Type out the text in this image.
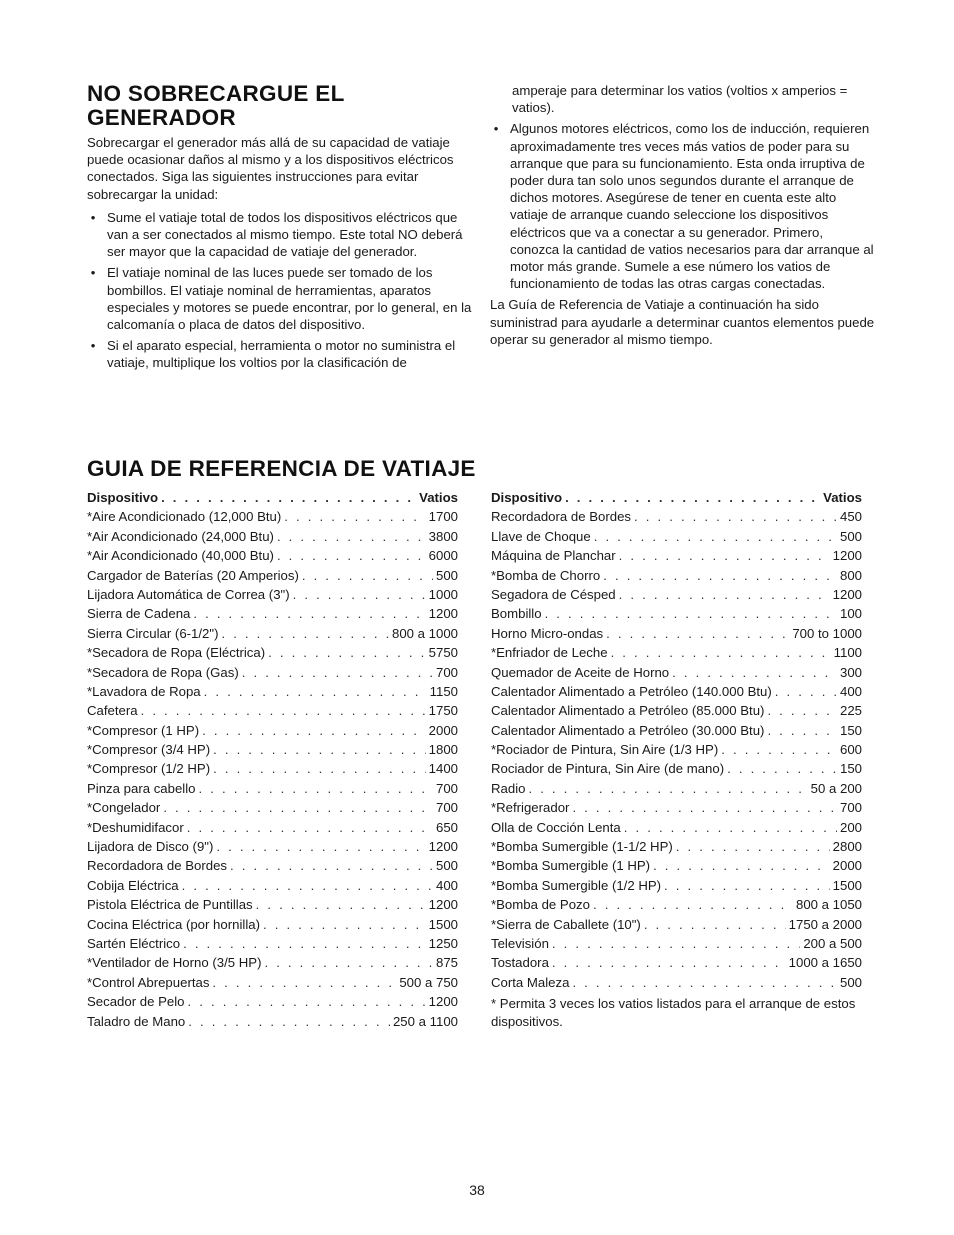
NO SOBRECARGUE EL GENERADOR

Sobrecargar el generador más allá de su capacidad de vatiaje puede ocasionar daños al mismo y a los dispositivos eléctricos conectados. Siga las siguientes instrucciones para evitar sobrecargar la unidad:

• Sume el vatiaje total de todos los dispositivos eléctricos que van a ser conectados al mismo tiempo. Este total NO deberá ser mayor que la capacidad de vatiaje del generador.
• El vatiaje nominal de las luces puede ser tomado de los bombillos. El vatiaje nominal de herramientas, aparatos especiales y motores se puede encontrar, por lo general, en la calcomanía o placa de datos del dispositivo.
• Si el aparato especial, herramienta o motor no suministra el vatiaje, multiplique los voltios por la clasificación de

amperaje para determinar los vatios (voltios x amperios = vatios).

• Algunos motores eléctricos, como los de inducción, requieren aproximadamente tres veces más vatios de poder para su arranque que para su funcionamiento. Esta onda irruptiva de poder dura tan solo unos segundos durante el arranque de dichos motores. Asegúrese de tener en cuenta este alto vatiaje de arranque cuando seleccione los dispositivos eléctricos que va a conectar a su generador. Primero, conozca la cantidad de vatios necesarios para dar arranque al motor más grande. Sumele a ese número los vatios de funcionamiento de todas las otras cargas conectadas.

La Guía de Referencia de Vatiaje a continuación ha sido suministrad para ayudarle a determinar cuantos elementos puede operar su generador al mismo tiempo.

GUIA DE REFERENCIA DE VATIAJE
Dispositivo . . .	Vatios
*Aire Acondicionado (12,000 Btu) . . .	1700
*Air Acondicionado (24,000 Btu) . . .	3800
*Air Acondicionado (40,000 Btu) . . .	6000
Cargador de Baterías (20 Amperios) . . .	500
Lijadora Automática de Correa (3") . . .	1000
Sierra de Cadena . . .	1200
Sierra Circular (6-1/2") . . .	800 a 1000
*Secadora de Ropa (Eléctrica) . . .	5750
*Secadora de Ropa (Gas) . . .	700
*Lavadora de Ropa . . .	1150
Cafetera . . .	1750
*Compresor (1 HP) . . .	2000
*Compresor (3/4 HP) . . .	1800
*Compresor (1/2 HP) . . .	1400
Pinza para cabello . . .	700
*Congelador . . .	700
*Deshumidifacor . . .	650
Lijadora de Disco (9") . . .	1200
Recordadora de Bordes . . .	500
Cobija Eléctrica . . .	400
Pistola Eléctrica de Puntillas . . .	1200
Cocina Eléctrica (por hornilla) . . .	1500
Sartén Eléctrico . . .	1250
*Ventilador de Horno (3/5 HP) . . .	875
*Control Abrepuertas . . .	500 a 750
Secador de Pelo . . .	1200
Taladro de Mano . . .	250 a 1100
Dispositivo . . .	Vatios
Recordadora de Bordes . . .	450
Llave de Choque . . .	500
Máquina de Planchar . . .	1200
*Bomba de Chorro . . .	800
Segadora de Césped . . .	1200
Bombillo . . .	100
Horno Micro-ondas . . .	700 to 1000
*Enfriador de Leche . . .	1100
Quemador de Aceite de Horno . . .	300
Calentador Alimentado a Petróleo (140.000 Btu) . . .	400
Calentador Alimentado a Petróleo (85.000 Btu) . . .	225
Calentador Alimentado a Petróleo (30.000 Btu) . . .	150
*Rociador de Pintura, Sin Aire (1/3 HP) . . .	600
Rociador de Pintura, Sin Aire (de mano) . . .	150
Radio . . .	50 a 200
*Refrigerador . . .	700
Olla de Cocción Lenta . . .	200
*Bomba Sumergible (1-1/2 HP) . . .	2800
*Bomba Sumergible (1 HP) . . .	2000
*Bomba Sumergible (1/2 HP) . . .	1500
*Bomba de Pozo . . .	800 a 1050
*Sierra de Caballete (10") . . .	1750 a 2000
Televisión . . .	200 a 500
Tostadora . . .	1000 a 1650
Corta Maleza . . .	500
* Permita 3 veces los vatios listados para el arranque de estos dispositivos.
38
